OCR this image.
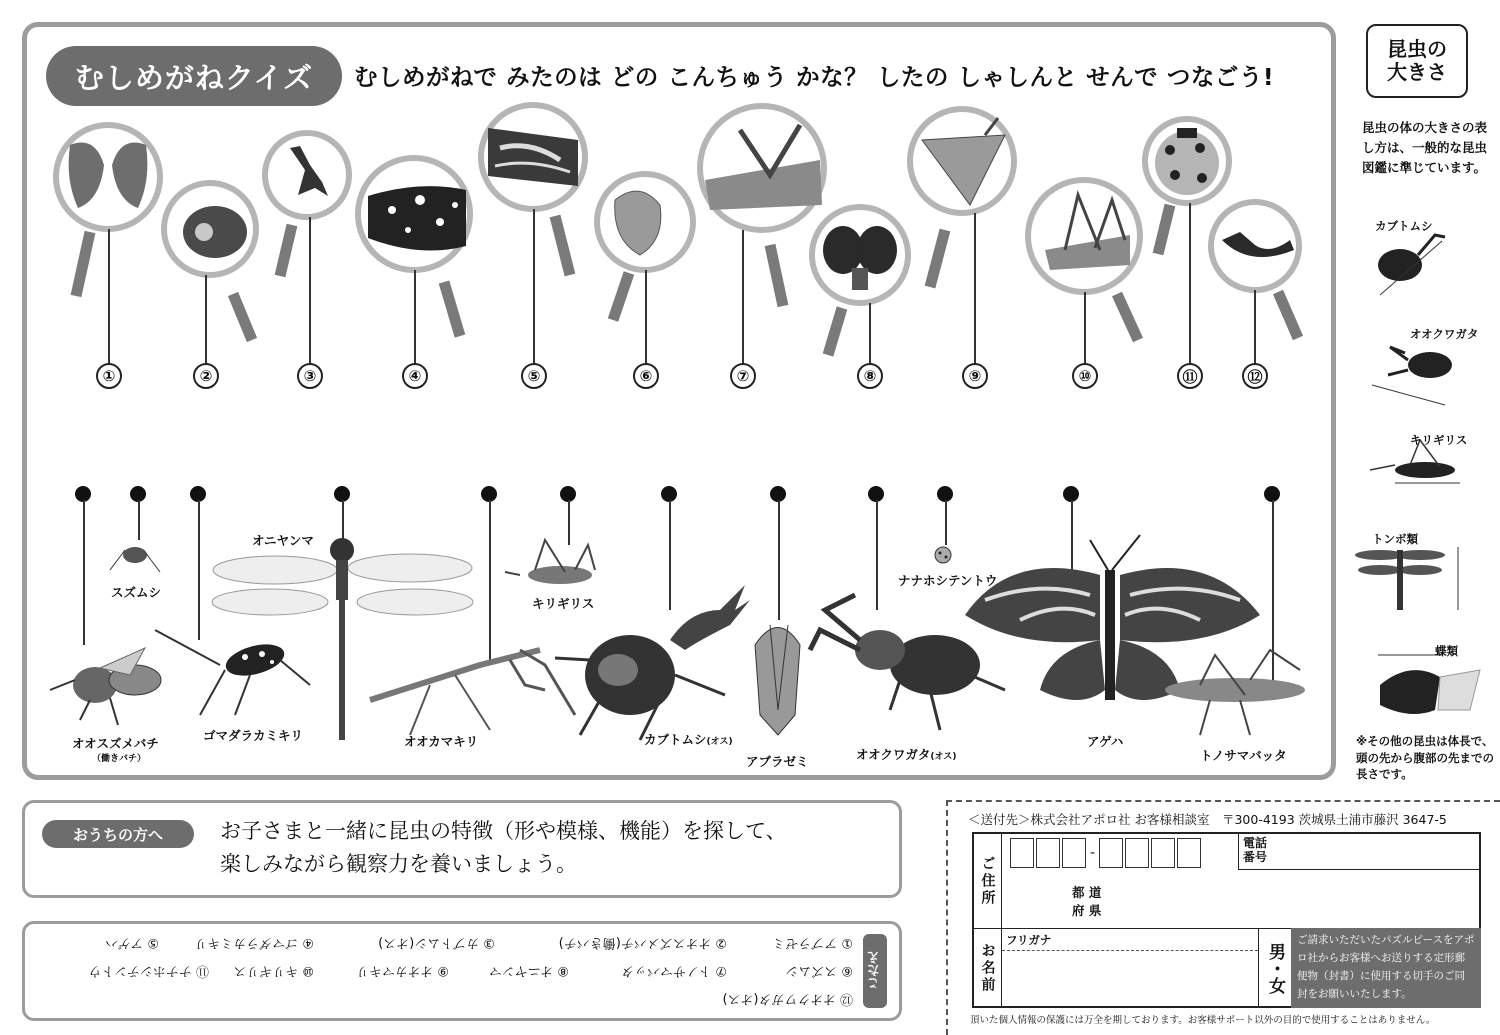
むしめがねクイズ	むしめがねで みたのは どの こんちゅう かな？ したの しゃしんと せんで つなごう!
①	②	③	④	⑤	⑥	⑦	⑧	⑨	⑩	⑪	⑫
オオスズメバチ
（働きバチ）
スズムシ
ゴマダラカミキリ
オニヤンマ
オオカマキリ
キリギリス
カブトムシ(オス)
アブラゼミ	オオクワガタ(オス)
ナナホシテントウ
アゲハ
トノサマバッタ
昆虫の
大きさ
昆虫の体の大きさの表し方は、一般的な昆虫図鑑に準じています。
カブトムシ
オオクワガタ
キリギリス
トンボ類
蝶類
※その他の昆虫は体長で、頭の先から腹部の先までの長さです。
おうちの方へ	お子さまと一緒に昆虫の特徴（形や模様、機能）を探して、
楽しみながら観察力を養いましょう。
こたえ
⑫ オオクワガタ(オス)
⑥ スズムシ
⑦ トノサマバッタ
⑧ オニヤンマ
⑨ オオカマキリ
⑩ キリギリス
⑪ ナナホシテントウ
① アブラゼミ
② オオスズメバチ(働きバチ)
③ カブトムシ(オス)
④ ゴマダラカミキリ
⑤ アゲハ
＜送付先＞株式会社アポロ社 お客様相談室　〒300-4193 茨城県土浦市藤沢 3647-5
ご住所
-
電話
番号
都 道
府 県
お名前
フリガナ
男・女
ご請求いただいたパズルピースをアポロ社からお客様へお送りする定形郵便物（封書）に使用する切手のご同封をお願いいたします。
頂いた個人情報の保護には万全を期しております。お客様サポート以外の目的で使用することはありません。
